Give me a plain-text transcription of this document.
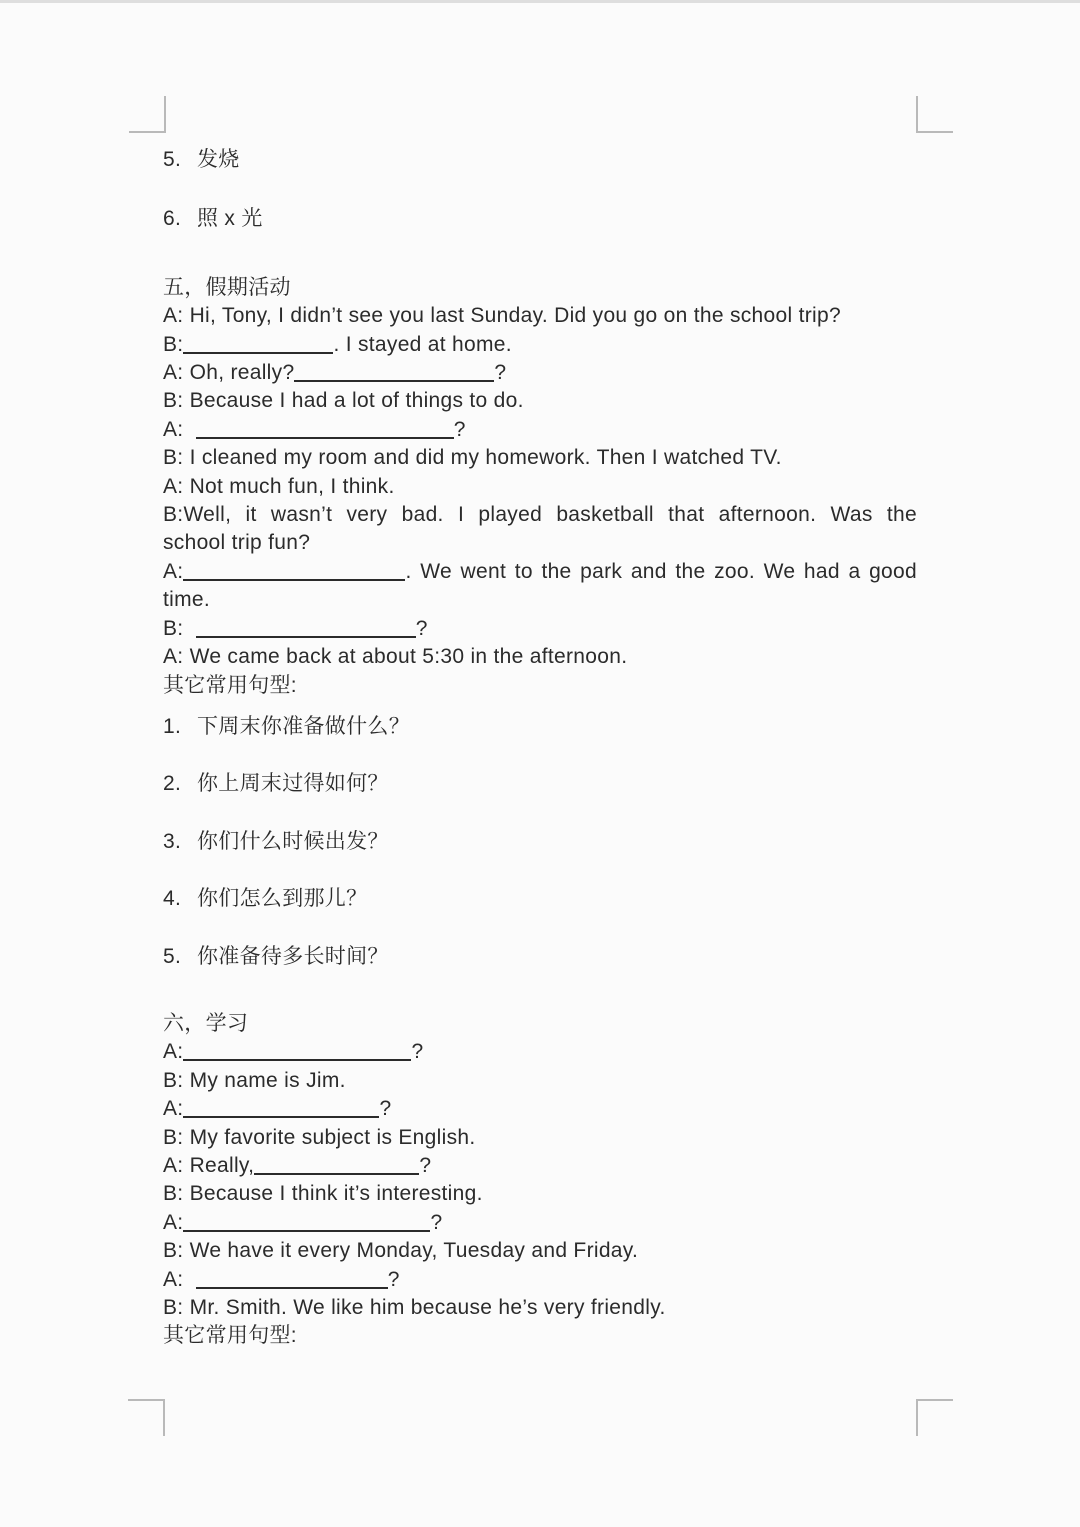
5. 发烧
6. 照 x 光
五，假期活动
A: Hi, Tony, I didn’t see you last Sunday. Did you go on the school trip?
B:	. I stayed at home.
A: Oh, really?	?
B: Because I had a lot of things to do.
A:	?
B: I cleaned my room and did my homework. Then I watched TV.
A: Not much fun, I think.
B:Well, it wasn’t very bad. I played basketball that afternoon. Was the
school trip fun?
A:	. We went to the park and the zoo. We had a good
time.
B:	?
A: We came back at about 5:30 in the afternoon.
其它常用句型:
1. 下周末你准备做什么？
2. 你上周末过得如何？
3. 你们什么时候出发？
4. 你们怎么到那儿？
5. 你准备待多长时间？
六，学习
A:	?
B: My name is Jim.
A:	?
B: My favorite subject is English.
A: Really,	?
B: Because I think it’s interesting.
A:	?
B: We have it every Monday, Tuesday and Friday.
A:	?
B: Mr. Smith. We like him because he’s very friendly.
其它常用句型:
